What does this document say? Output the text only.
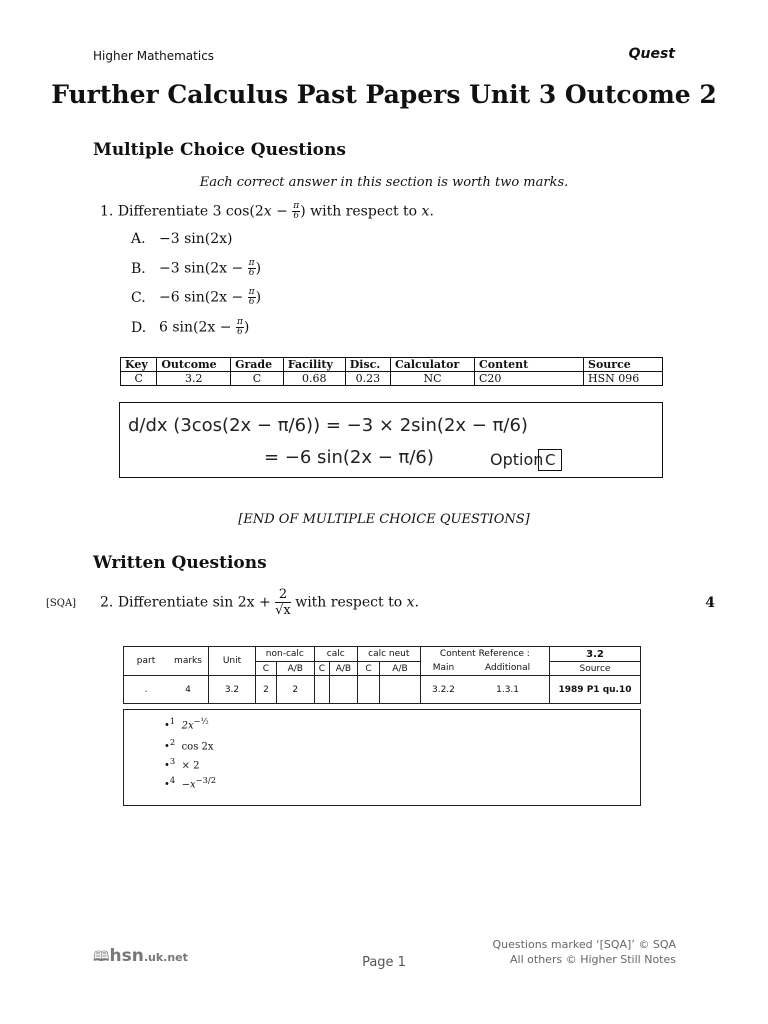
Higher Mathematics	Quest
Further Calculus Past Papers Unit 3 Outcome 2
Multiple Choice Questions
Each correct answer in this section is worth two marks.
1. Differentiate 3 $\cos(2x - \frac{\pi}{6}$ ) with respect to x.
A. −3 sin(2x)
B. −3 $\sin(2x - \frac{\pi}{6}$ )
C. −6 $\sin(2x - \frac{\pi}{6}$ )
D. 6 $\sin(2x - \frac{\pi}{6}$ )
Key	Outcome	Grade	Facility	Disc.	Calculator	Content	Source
C	3.2	C	0.68	0.23	NC	C20	HSN 096
d/dx (3cos(2x − π/6)) = −3 × 2sin(2x − π/6)
= −6 sin(2x − π/6)	Option C
[END OF MULTIPLE CHOICE QUESTIONS]
Written Questions
[SQA] 2. Differentiate $\sin 2x + \frac{2}{√x}$ with respect to x.	4
part	marks	Unit	non-calc		calc		calc neut		Content Reference :		3.2
			C	A/B	C	A/B	C	A/B	Main	Additional	Source
.	4	3.2	2	2					3.2.2	1.3.1	1989 P1 qu.10
•$^1$ $2x^{-\frac{1}{2}}$
•$^2$ cos 2x
•$^3$ × 2
•$^4$ $-x^{-3/2}$
🕮hsn.uk.net	Page 1
Questions marked ‘[SQA]’ © SQA
All others © Higher Still Notes
